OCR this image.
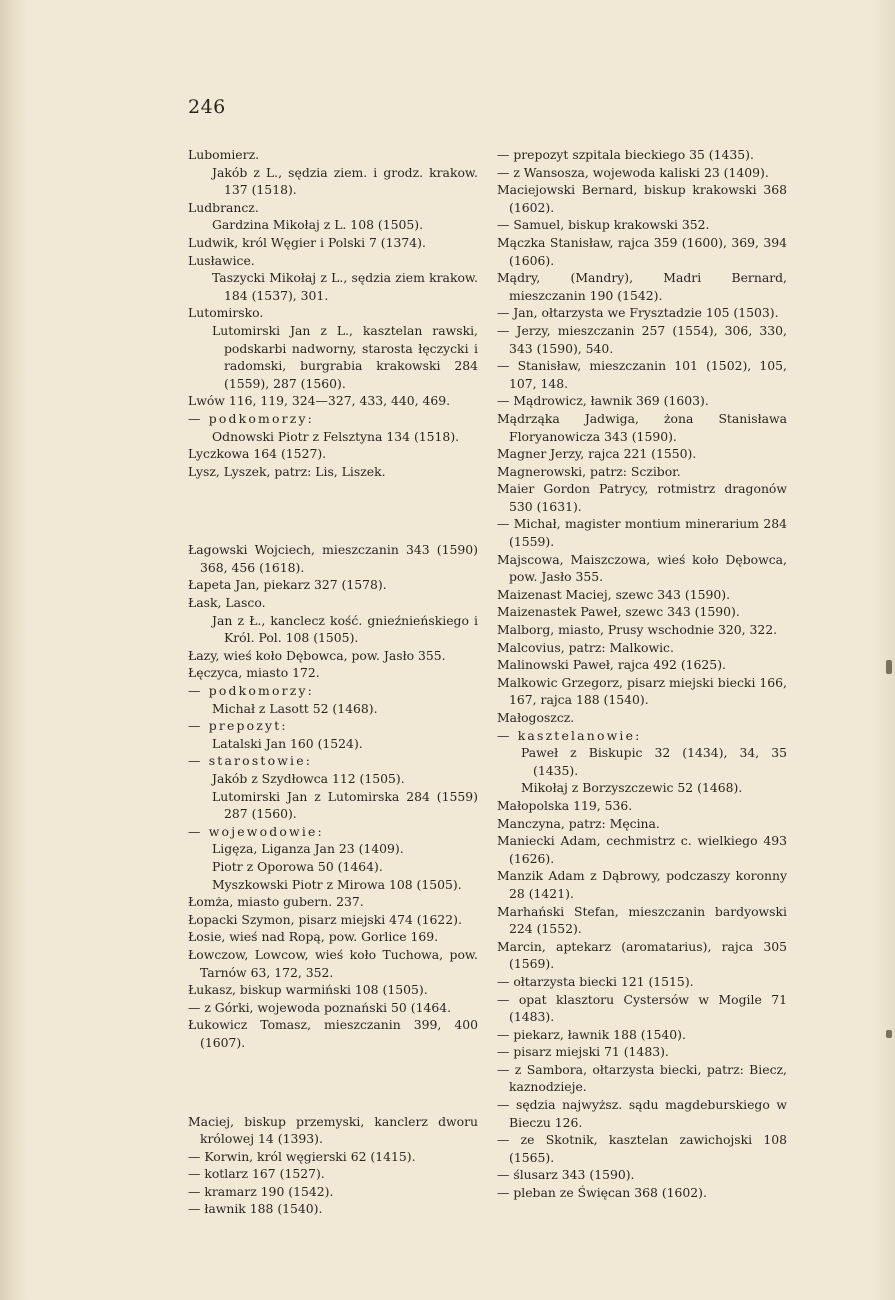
246
Lubomierz.
Jakób z L., sędzia ziem. i grodz. krakow. 137 (1518).
Ludbrancz.
Gardzina Mikołaj z L. 108 (1505).
Ludwik, król Węgier i Polski 7 (1374).
Lusławice.
Taszycki Mikołaj z L., sędzia ziem krakow. 184 (1537), 301.
Lutomirsko.
Lutomirski Jan z L., kasztelan rawski, podskarbi nadworny, starosta łęczycki i radomski, burgrabia krakowski 284 (1559), 287 (1560).
Lwów 116, 119, 324—327, 433, 440, 469.
— podkomorzy:
Odnowski Piotr z Felsztyna 134 (1518).
Lyczkowa 164 (1527).
Lysz, Lyszek, patrz: Lis, Liszek.
Łagowski Wojciech, mieszczanin 343 (1590) 368, 456 (1618).
Łapeta Jan, piekarz 327 (1578).
Łask, Lasco.
Jan z Ł., kanclecz kość. gnieźnieńskiego i Król. Pol. 108 (1505).
Łazy, wieś koło Dębowca, pow. Jasło 355.
Łęczyca, miasto 172.
— podkomorzy:
Michał z Lasott 52 (1468).
— prepozyt:
Latalski Jan 160 (1524).
— starostowie:
Jakób z Szydłowca 112 (1505).
Lutomirski Jan z Lutomirska 284 (1559) 287 (1560).
— wojewodowie:
Ligęza, Liganza Jan 23 (1409).
Piotr z Oporowa 50 (1464).
Myszkowski Piotr z Mirowa 108 (1505).
Łomża, miasto gubern. 237.
Łopacki Szymon, pisarz miejski 474 (1622).
Łosie, wieś nad Ropą, pow. Gorlice 169.
Łowczow, Lowcow, wieś koło Tuchowa, pow. Tarnów 63, 172, 352.
Łukasz, biskup warmiński 108 (1505).
— z Górki, wojewoda poznański 50 (1464.
Łukowicz Tomasz, mieszczanin 399, 400 (1607).
Maciej, biskup przemyski, kanclerz dworu królowej 14 (1393).
— Korwin, król węgierski 62 (1415).
— kotlarz 167 (1527).
— kramarz 190 (1542).
— ławnik 188 (1540).
— prepozyt szpitala bieckiego 35 (1435).
— z Wansosza, wojewoda kaliski 23 (1409).
Maciejowski Bernard, biskup krakowski 368 (1602).
— Samuel, biskup krakowski 352.
Mączka Stanisław, rajca 359 (1600), 369, 394 (1606).
Mądry, (Mandry), Madri Bernard, mieszczanin 190 (1542).
— Jan, ołtarzysta we Frysztadzie 105 (1503).
— Jerzy, mieszczanin 257 (1554), 306, 330, 343 (1590), 540.
— Stanisław, mieszczanin 101 (1502), 105, 107, 148.
— Mądrowicz, ławnik 369 (1603).
Mądrząka Jadwiga, żona Stanisława Floryanowicza 343 (1590).
Magner Jerzy, rajca 221 (1550).
Magnerowski, patrz: Sczibor.
Maier Gordon Patrycy, rotmistrz dragonów 530 (1631).
— Michał, magister montium minerarium 284 (1559).
Majscowa, Maiszczowa, wieś koło Dębowca, pow. Jasło 355.
Maizenast Maciej, szewc 343 (1590).
Maizenastek Paweł, szewc 343 (1590).
Malborg, miasto, Prusy wschodnie 320, 322.
Malcovius, patrz: Malkowic.
Malinowski Paweł, rajca 492 (1625).
Malkowic Grzegorz, pisarz miejski biecki 166, 167, rajca 188 (1540).
Małogoszcz.
— kasztelanowie:
Paweł z Biskupic 32 (1434), 34, 35 (1435).
Mikołaj z Borzyszczewic 52 (1468).
Małopolska 119, 536.
Manczyna, patrz: Męcina.
Maniecki Adam, cechmistrz c. wielkiego 493 (1626).
Manzik Adam z Dąbrowy, podczaszy koronny 28 (1421).
Marhański Stefan, mieszczanin bardyowski 224 (1552).
Marcin, aptekarz (aromatarius), rajca 305 (1569).
— ołtarzysta biecki 121 (1515).
— opat klasztoru Cystersów w Mogile 71 (1483).
— piekarz, ławnik 188 (1540).
— pisarz miejski 71 (1483).
— z Sambora, ołtarzysta biecki, patrz: Biecz, kaznodzieje.
— sędzia najwyższ. sądu magdeburskiego w Bieczu 126.
— ze Skotnik, kasztelan zawichojski 108 (1565).
— ślusarz 343 (1590).
— pleban ze Święcan 368 (1602).
